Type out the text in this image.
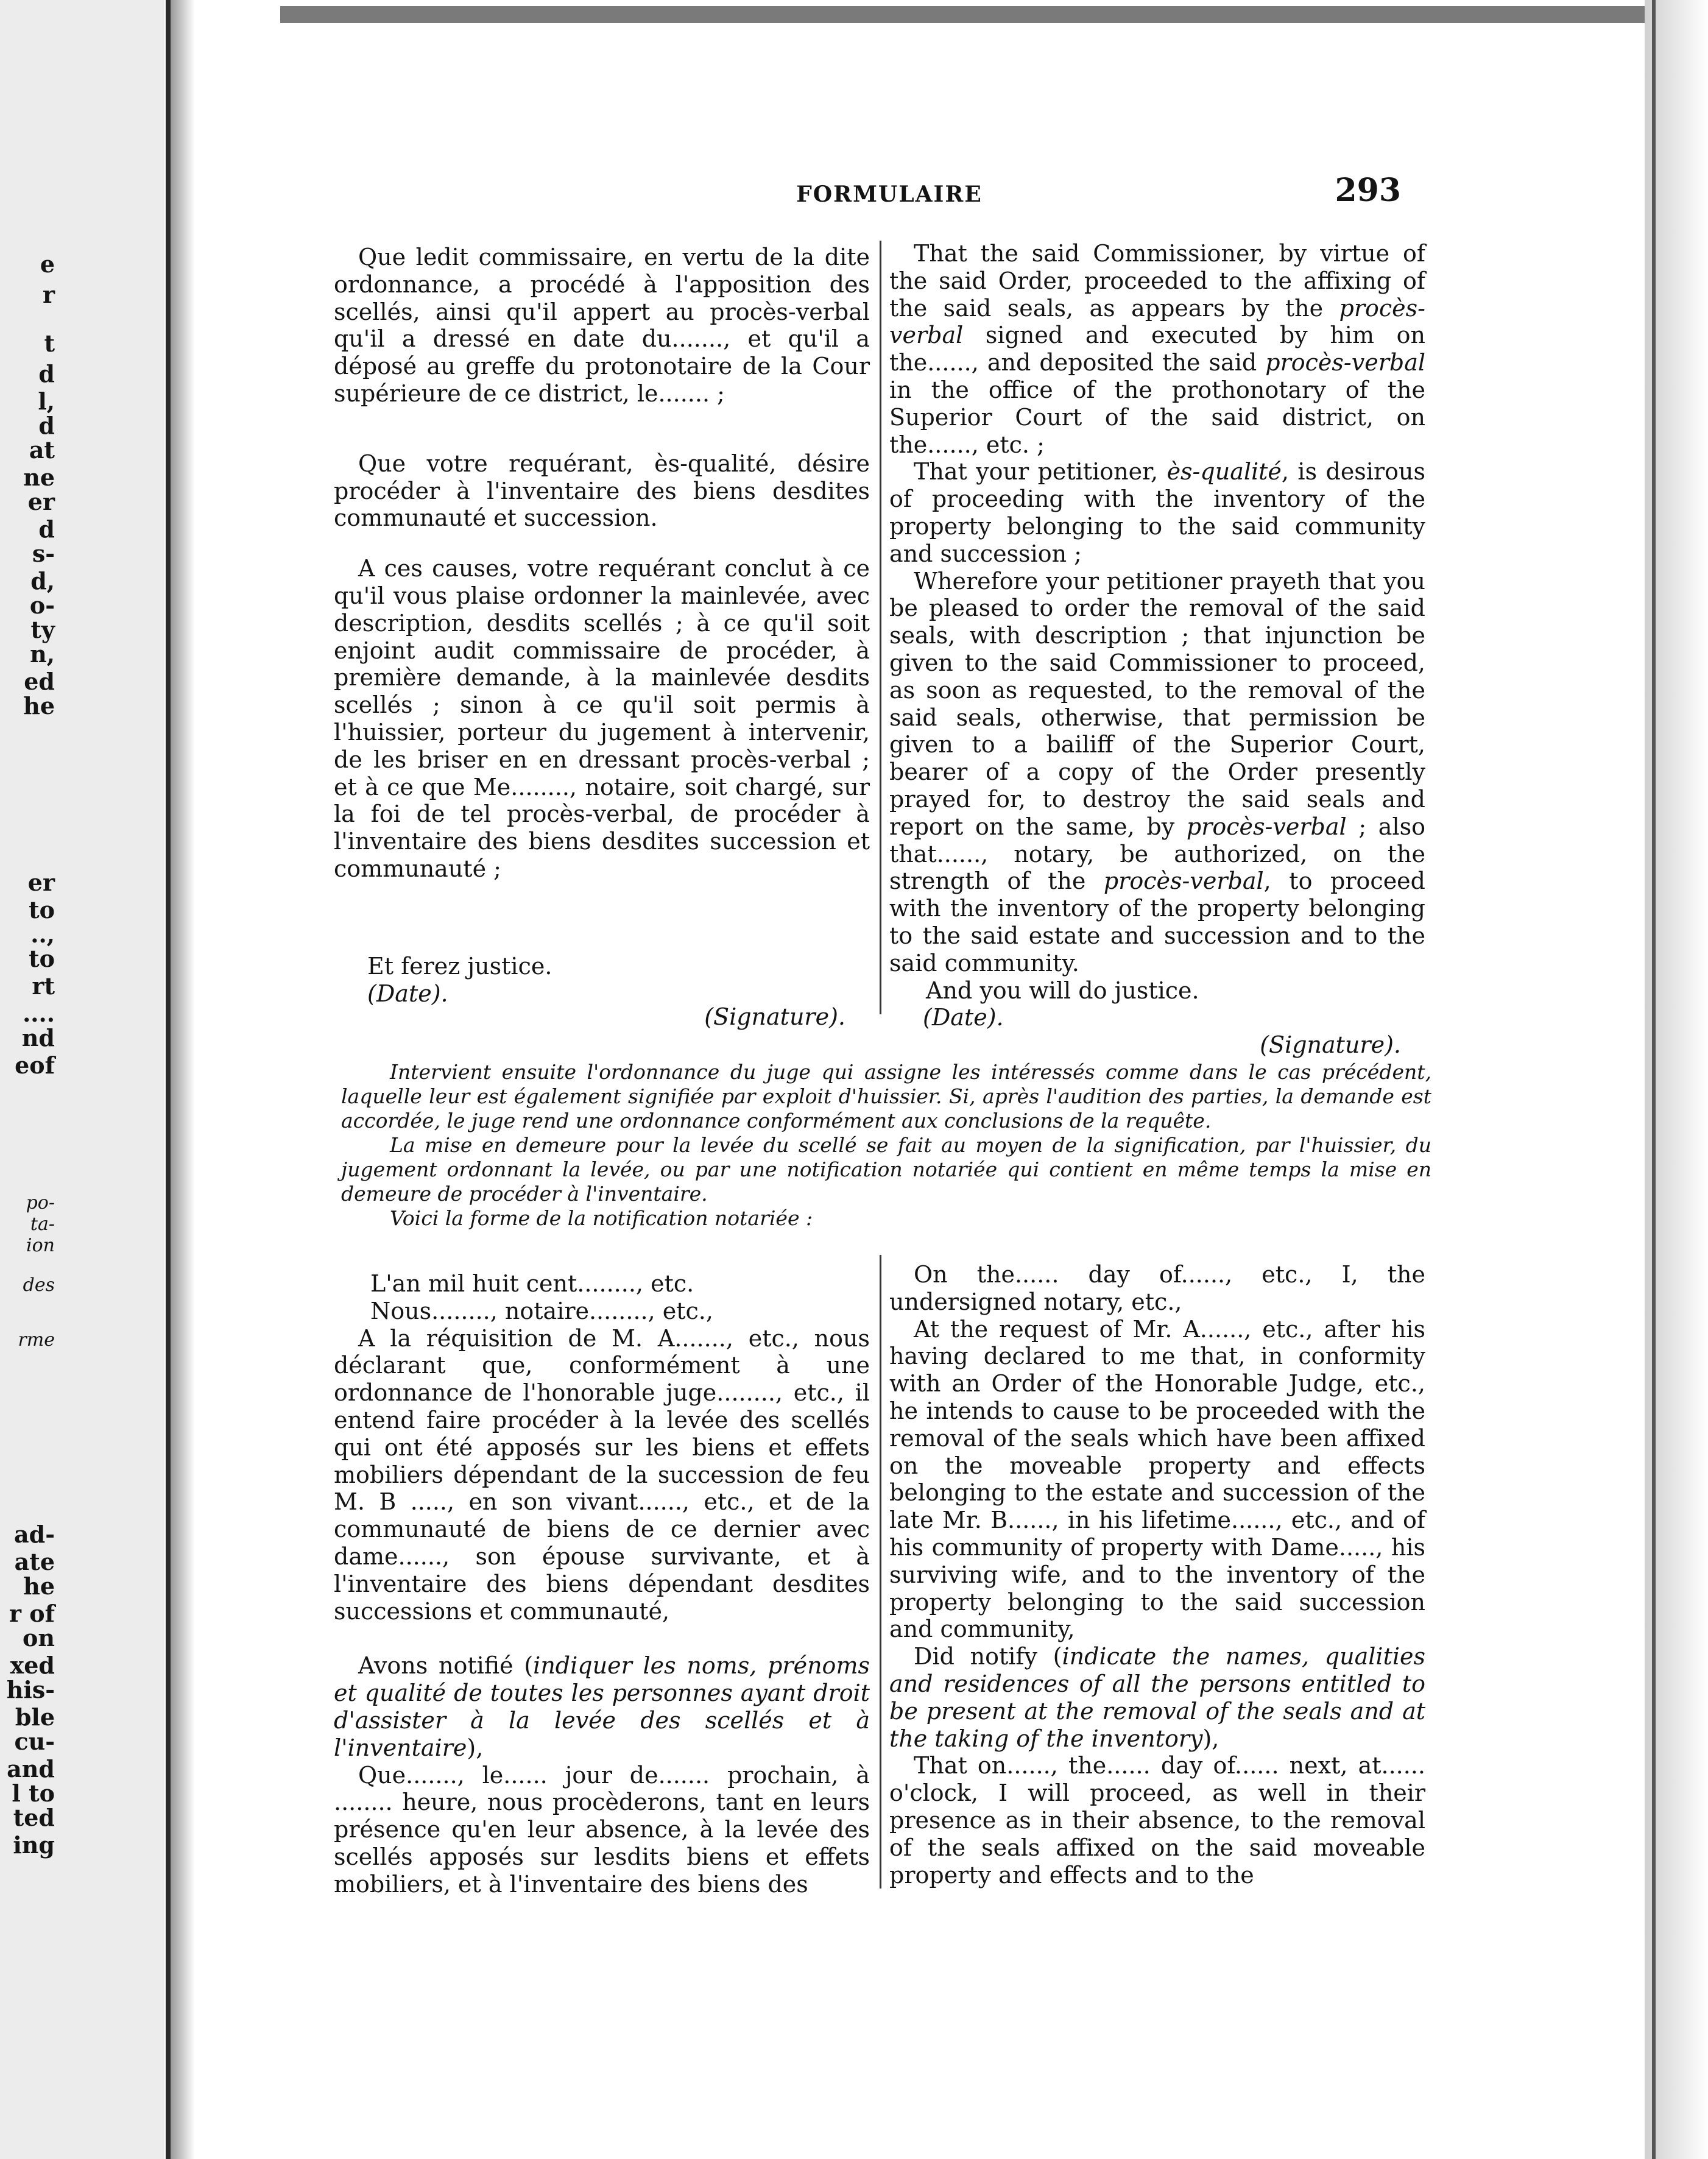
e
r
t
d
l,
d
at
ne
er
d
s-
d,
o-
ty
n,
ed
he
er
to
..,
to
rt
....
nd
eof
po-
ta-
ion
des
rme
ad-
ate
he
r of
on
xed
his-
ble
cu-
and
l to
ted
ing
FORMULAIRE	293

Que ledit commissaire, en vertu de la dite ordonnance, a procédé à l'apposition des scellés, ainsi qu'il appert au procès-verbal qu'il a dressé en date du......., et qu'il a déposé au greffe du protonotaire de la Cour supérieure de ce district, le....... ;

Que votre requérant, ès-qualité, désire procéder à l'inventaire des biens desdites communauté et succession.

A ces causes, votre requérant conclut à ce qu'il vous plaise ordonner la mainlevée, avec description, desdits scellés ; à ce qu'il soit enjoint audit commissaire de procéder, à première demande, à la mainlevée desdits scellés ; sinon à ce qu'il soit permis à l'huissier, porteur du jugement à intervenir, de les briser en en dressant procès-verbal ; et à ce que Me........, notaire, soit chargé, sur la foi de tel procès-verbal, de procéder à l'inventaire des biens desdites succession et communauté ;

Et ferez justice.

(Date).

(Signature).

That the said Commissioner, by virtue of the said Order, proceeded to the affixing of the said seals, as appears by the procès-verbal signed and executed by him on the......, and deposited the said procès-verbal in the office of the prothonotary of the Superior Court of the said district, on the......, etc. ;

That your petitioner, ès-qualité, is desirous of proceeding with the inventory of the property belonging to the said community and succession ;

Wherefore your petitioner prayeth that you be pleased to order the removal of the said seals, with description ; that injunction be given to the said Commissioner to proceed, as soon as requested, to the removal of the said seals, otherwise, that permission be given to a bailiff of the Superior Court, bearer of a copy of the Order presently prayed for, to destroy the said seals and report on the same, by procès-verbal ; also that......, notary, be authorized, on the strength of the procès-verbal, to proceed with the inventory of the property belonging to the said estate and succession and to the said community.

And you will do justice.

(Date).

(Signature).

Intervient ensuite l'ordonnance du juge qui assigne les intéressés comme dans le cas précédent, laquelle leur est également signifiée par exploit d'huissier. Si, après l'audition des parties, la demande est accordée, le juge rend une ordonnance conformément aux conclusions de la requête.

La mise en demeure pour la levée du scellé se fait au moyen de la signification, par l'huissier, du jugement ordonnant la levée, ou par une notification notariée qui contient en même temps la mise en demeure de procéder à l'inventaire.

Voici la forme de la notification notariée :

L'an mil huit cent........, etc.

Nous........, notaire........, etc.,

A la réquisition de M. A......., etc., nous déclarant que, conformément à une ordonnance de l'honorable juge........, etc., il entend faire procéder à la levée des scellés qui ont été apposés sur les biens et effets mobiliers dépendant de la succession de feu M. B ....., en son vivant......, etc., et de la communauté de biens de ce dernier avec dame......, son épouse survivante, et à l'inventaire des biens dépendant desdites successions et communauté,

Avons notifié (indiquer les noms, prénoms et qualité de toutes les personnes ayant droit d'assister à la levée des scellés et à l'inventaire),

Que......., le...... jour de....... prochain, à ........ heure, nous procèderons, tant en leurs présence qu'en leur absence, à la levée des scellés apposés sur lesdits biens et effets mobiliers, et à l'inventaire des biens des

On the...... day of......, etc., I, the undersigned notary, etc.,

At the request of Mr. A......, etc., after his having declared to me that, in conformity with an Order of the Honorable Judge, etc., he intends to cause to be proceeded with the removal of the seals which have been affixed on the moveable property and effects belonging to the estate and succession of the late Mr. B......, in his lifetime......, etc., and of his community of property with Dame....., his surviving wife, and to the inventory of the property belonging to the said succession and community,

Did notify (indicate the names, qualities and residences of all the persons entitled to be present at the removal of the seals and at the taking of the inventory),

That on......, the...... day of...... next, at...... o'clock, I will proceed, as well in their presence as in their absence, to the removal of the seals affixed on the said moveable property and effects and to the
